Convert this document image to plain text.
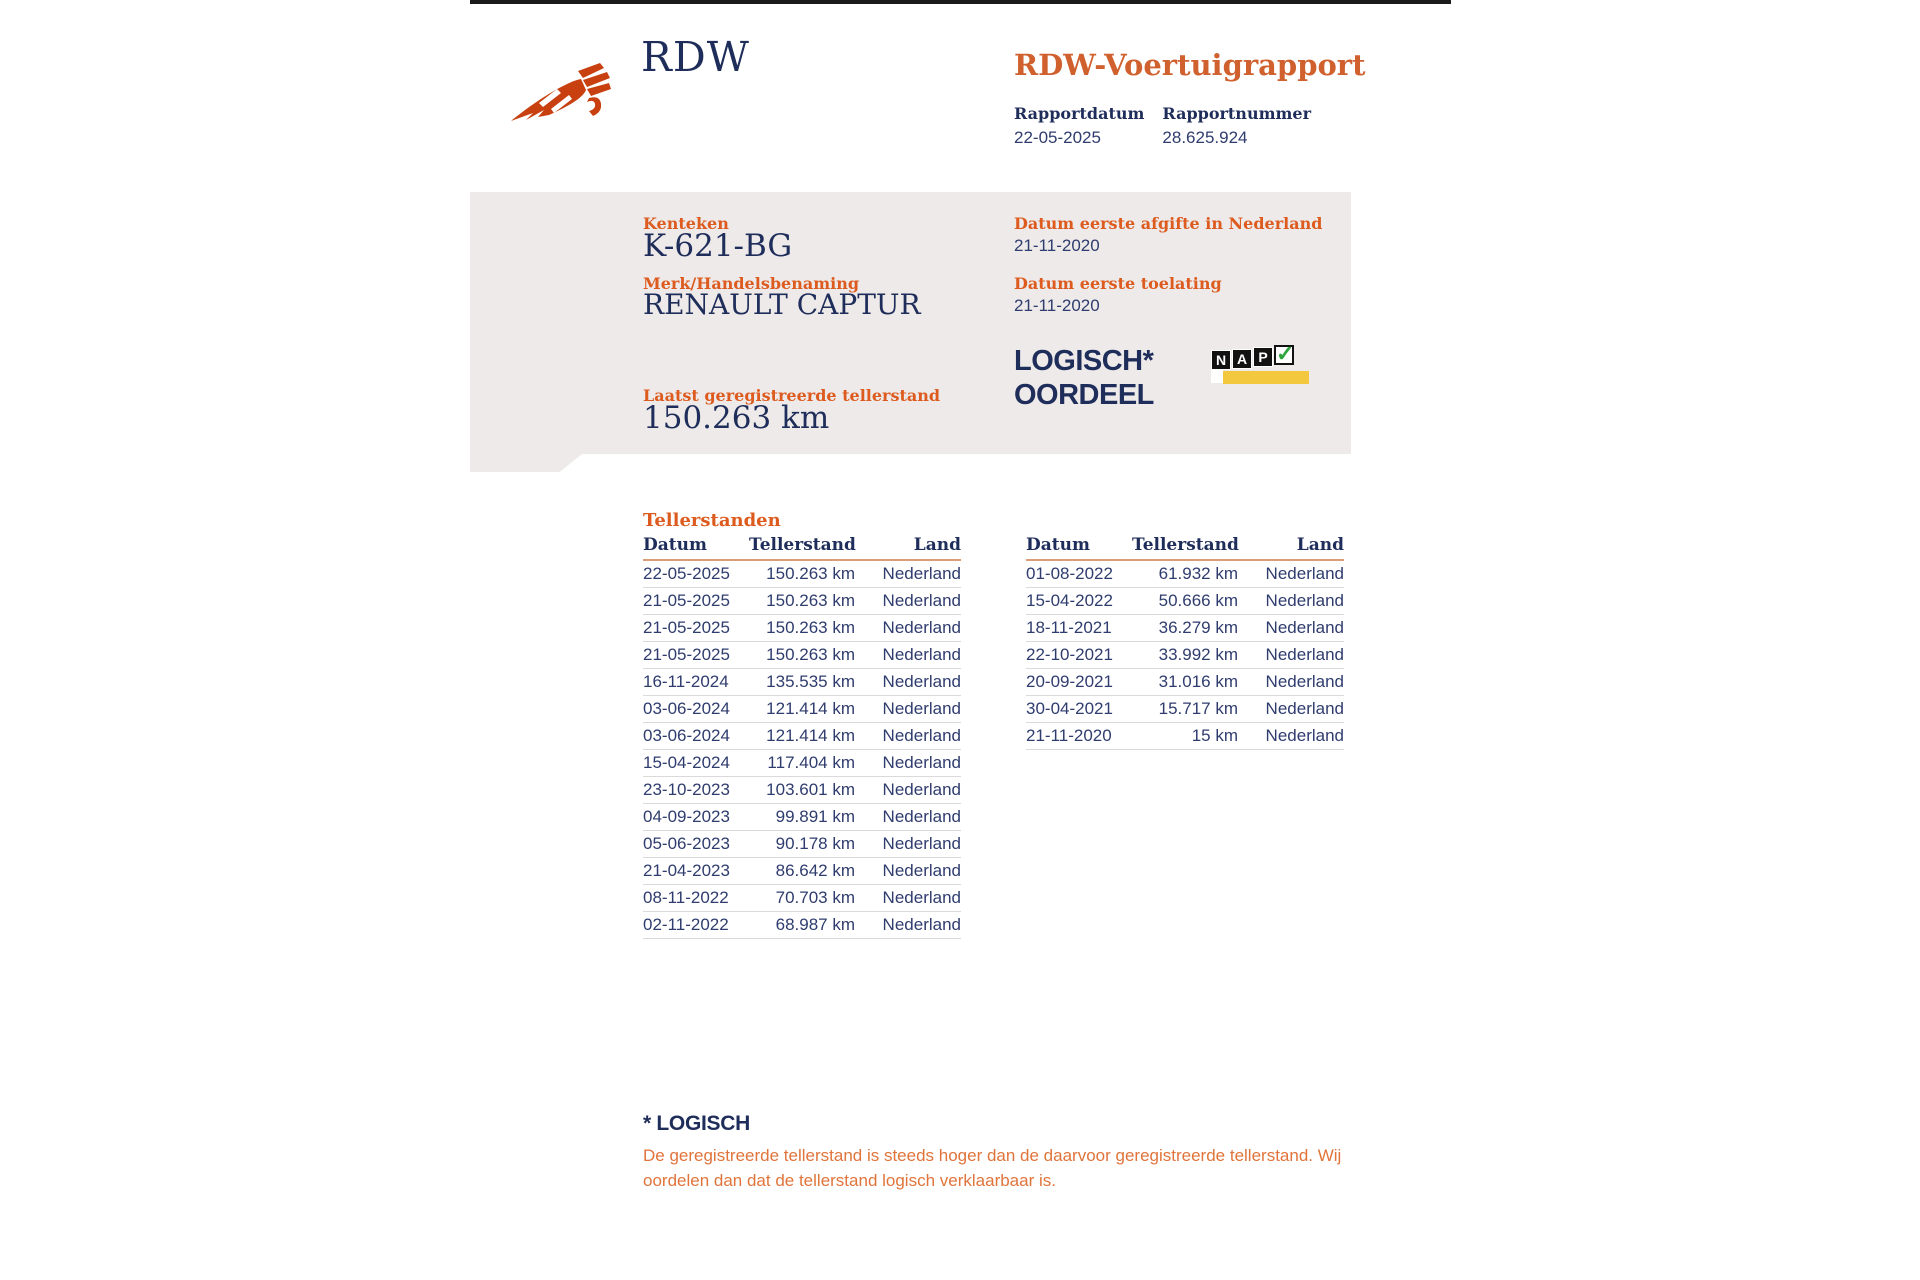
RDW	RDW-Voertuigrapport
Rapportdatum
22-05-2025
Rapportnummer
28.625.924
Kenteken
K-621-BG
Merk/Handelsbenaming
RENAULT CAPTUR
Laatst geregistreerde tellerstand
150.263 km
Datum eerste afgifte in Nederland
21-11-2020
Datum eerste toelating
21-11-2020
LOGISCH*
OORDEEL
N A P ✓
Tellerstanden
Datum	Tellerstand	Land
22-05-2025	150.263 km	Nederland
21-05-2025	150.263 km	Nederland
21-05-2025	150.263 km	Nederland
21-05-2025	150.263 km	Nederland
16-11-2024	135.535 km	Nederland
03-06-2024	121.414 km	Nederland
03-06-2024	121.414 km	Nederland
15-04-2024	117.404 km	Nederland
23-10-2023	103.601 km	Nederland
04-09-2023	99.891 km	Nederland
05-06-2023	90.178 km	Nederland
21-04-2023	86.642 km	Nederland
08-11-2022	70.703 km	Nederland
02-11-2022	68.987 km	Nederland
Datum	Tellerstand	Land
01-08-2022	61.932 km	Nederland
15-04-2022	50.666 km	Nederland
18-11-2021	36.279 km	Nederland
22-10-2021	33.992 km	Nederland
20-09-2021	31.016 km	Nederland
30-04-2021	15.717 km	Nederland
21-11-2020	15 km	Nederland
* LOGISCH

De geregistreerde tellerstand is steeds hoger dan de daarvoor geregistreerde tellerstand. Wij oordelen dan dat de tellerstand logisch verklaarbaar is.
